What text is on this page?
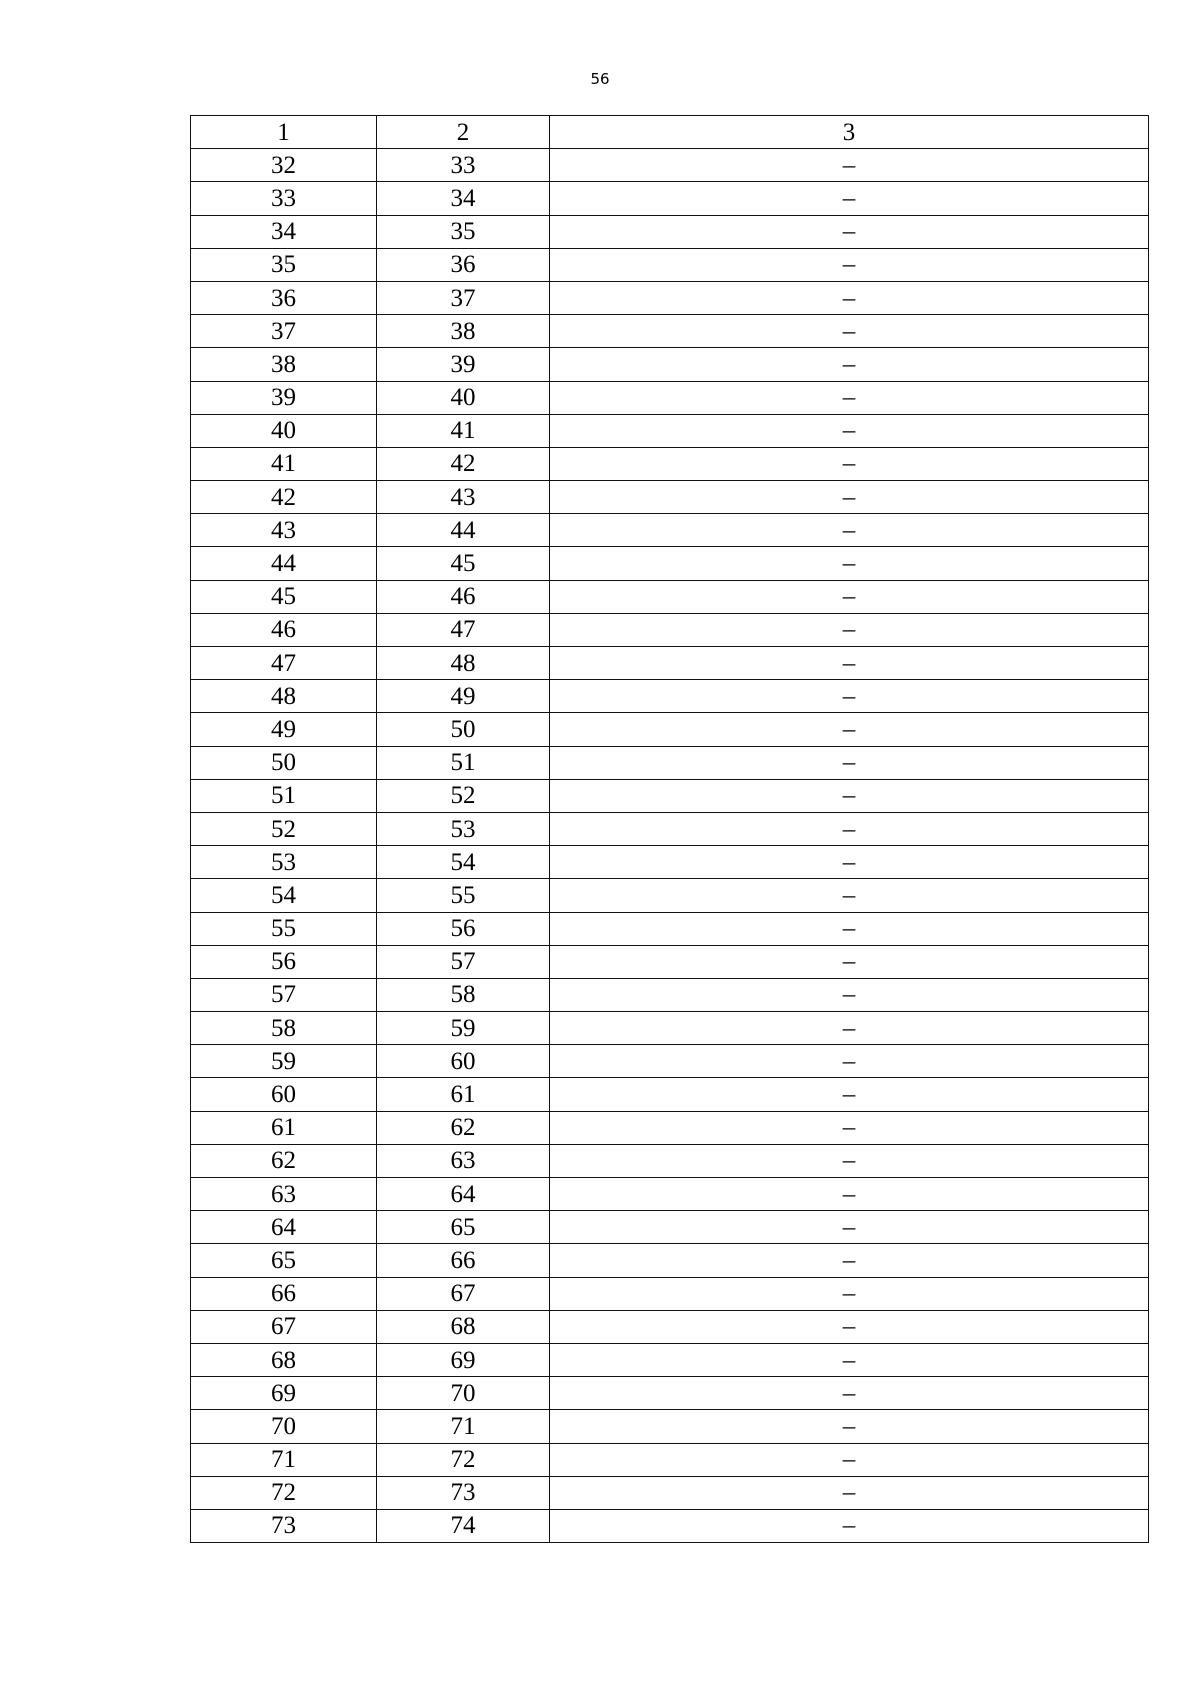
56
1	2	3
32	33	–
33	34	–
34	35	–
35	36	–
36	37	–
37	38	–
38	39	–
39	40	–
40	41	–
41	42	–
42	43	–
43	44	–
44	45	–
45	46	–
46	47	–
47	48	–
48	49	–
49	50	–
50	51	–
51	52	–
52	53	–
53	54	–
54	55	–
55	56	–
56	57	–
57	58	–
58	59	–
59	60	–
60	61	–
61	62	–
62	63	–
63	64	–
64	65	–
65	66	–
66	67	–
67	68	–
68	69	–
69	70	–
70	71	–
71	72	–
72	73	–
73	74	–
